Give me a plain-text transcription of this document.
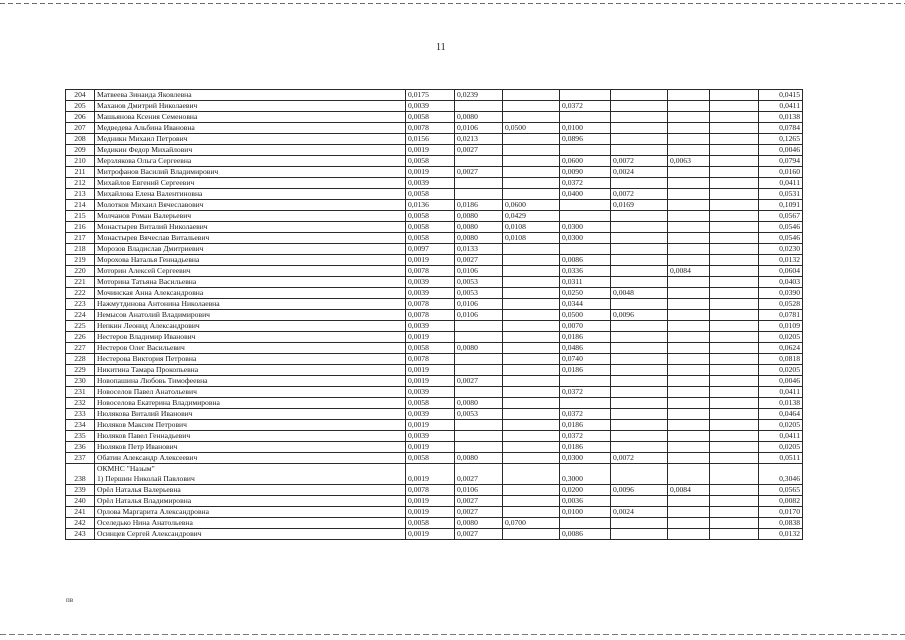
11
204	Матвеева Зинаида Яковлевна	0,0175	0,0239						0,0415
205	Маханов Дмитрий Николаевич	0,0039			0,0372				0,0411
206	Машьянова Ксения Семеновна	0,0058	0,0080						0,0138
207	Медведева Альбина Ивановна	0,0078	0,0106	0,0500	0,0100				0,0784
208	Медникн Михаил Петрович	0,0156	0,0213		0,0896				0,1265
209	Медикин Федор Михайлович	0,0019	0,0027						0,0046
210	Мерзлякова Ольга Сергеевна	0,0058			0,0600	0,0072	0,0063		0,0794
211	Митрофанов Василий Владимирович	0,0019	0,0027		0,0090	0,0024			0,0160
212	Михайлов Евгений Сергеевич	0,0039			0,0372				0,0411
213	Михайлова Елена Валентиновна	0,0058			0,0400	0,0072			0,0531
214	Молотков Михаил Вячеславович	0,0136	0,0186	0,0600		0,0169			0,1091
215	Молчанов Роман Валерьевич	0,0058	0,0080	0,0429					0,0567
216	Монастырев Виталий Николаевич	0,0058	0,0080	0,0108	0,0300				0,0546
217	Монастырев Вячеслав Витальевич	0,0058	0,0080	0,0108	0,0300				0,0546
218	Морозов Владислав Дмитриевич	0,0097	0,0133						0,0230
219	Морохова Наталья Геннадьевна	0,0019	0,0027		0,0086				0,0132
220	Моторин Алексей Сергеевич	0,0078	0,0106		0,0336		0,0084		0,0604
221	Моторина Татьяна Васильевна	0,0039	0,0053		0,0311				0,0403
222	Мочинская Анна Александровна	0,0039	0,0053		0,0250	0,0048			0,0390
223	Нажмутдинова Антонина Николаевна	0,0078	0,0106		0,0344				0,0528
224	Немысов Анатолий Владимирович	0,0078	0,0106		0,0500	0,0096			0,0781
225	Непкин Леонид Александрович	0,0039			0,0070				0,0109
226	Нестеров Владимир Иванович	0,0019			0,0186				0,0205
227	Нестеров Олег Васильевич	0,0058	0,0080		0,0486				0,0624
228	Нестерова Виктория Петровна	0,0078			0,0740				0,0818
229	Никитина Тамара Прокопьевна	0,0019			0,0186				0,0205
230	Новопашина Любовь Тимофеевна	0,0019	0,0027						0,0046
231	Новоселов Павел Анатольевич	0,0039			0,0372				0,0411
232	Новоселова Екатерина Владимировна	0,0058	0,0080						0,0138
233	Нюлякова Виталий Иванович	0,0039	0,0053		0,0372				0,0464
234	Нюляков Максим Петрович	0,0019			0,0186				0,0205
235	Нюляков Павел Геннадьевич	0,0039			0,0372				0,0411
236	Нюляков Петр Иванович	0,0019			0,0186				0,0205
237	Обатин Александр Алексеевич	0,0058	0,0080		0,0300	0,0072			0,0511
238	ОКМНС "Назым"
1) Першин Николай Павлович	0,0019	0,0027		0,3000				0,3046
239	Орёл Наталья Валерьевна	0,0078	0,0106		0,0200	0,0096	0,0084		0,0565
240	Орёл Наталья Владимировна	0,0019	0,0027		0,0036				0,0082
241	Орлова Маргарита Александровна	0,0019	0,0027		0,0100	0,0024			0,0170
242	Оселедько Нина Анатольевна	0,0058	0,0080	0,0700					0,0838
243	Осинцев Сергей Александрович	0,0019	0,0027		0,0086				0,0132
пв
